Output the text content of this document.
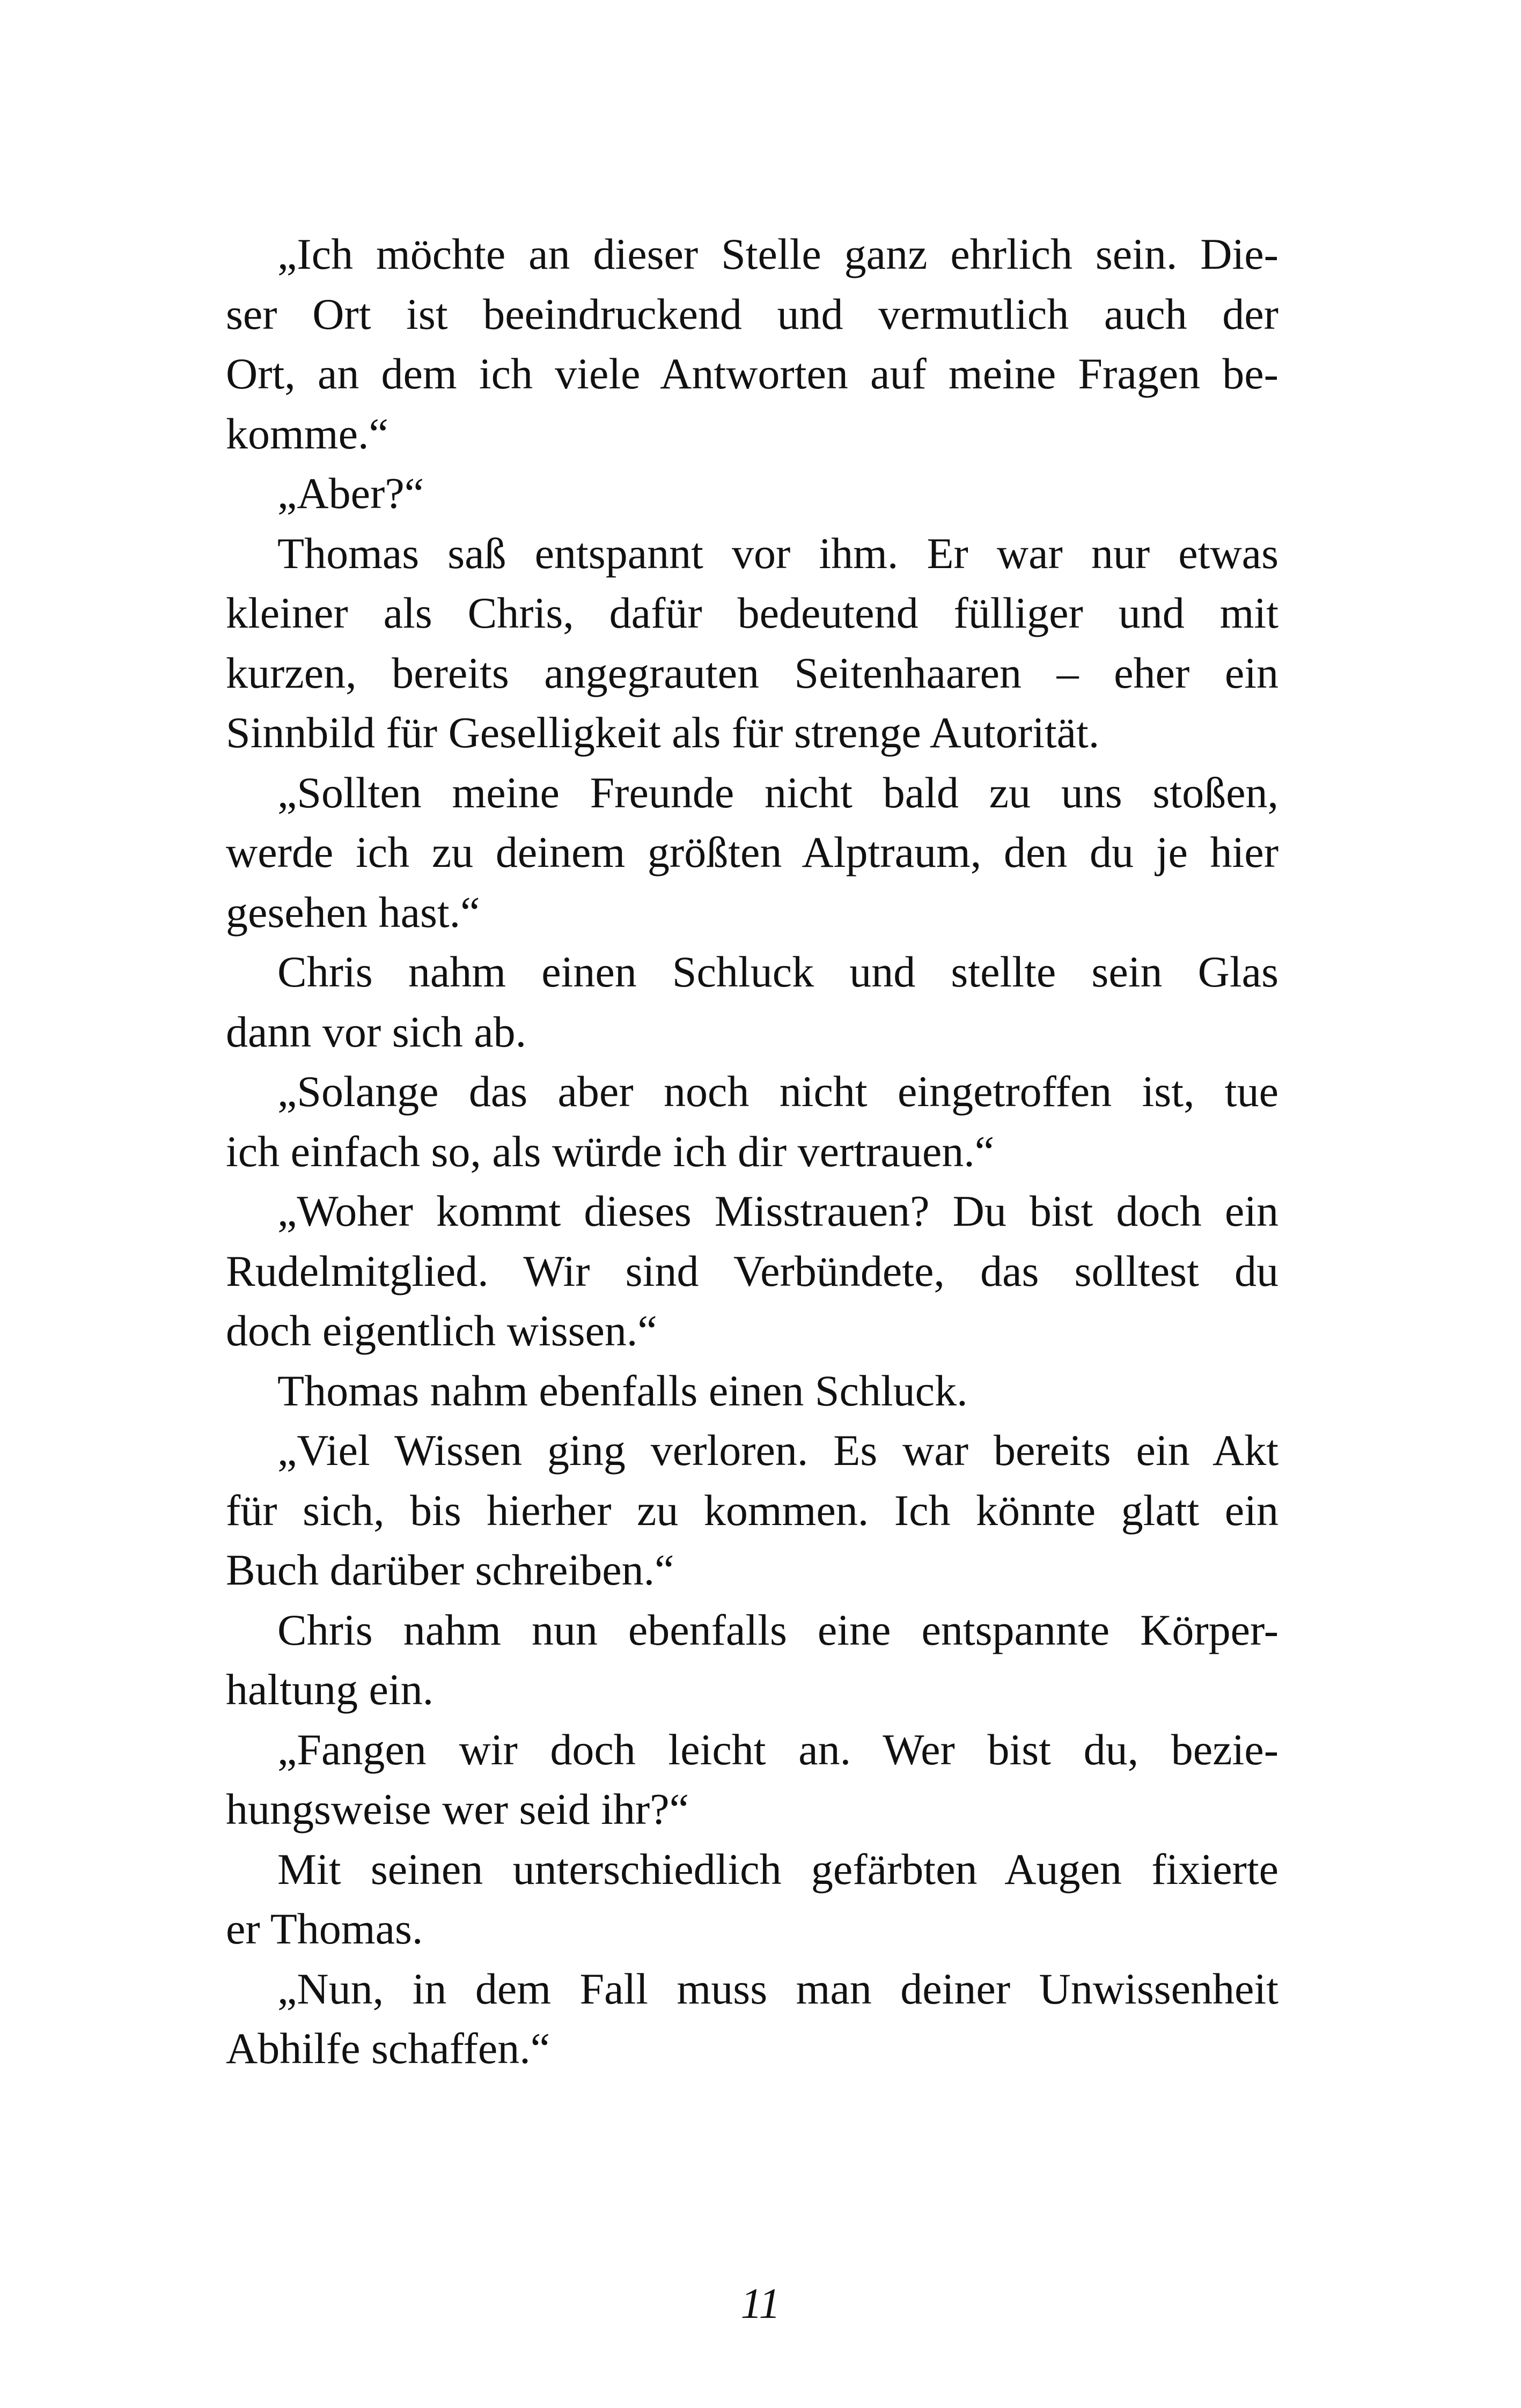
„Ich möchte an dieser Stelle ganz ehrlich sein. Die-
ser Ort ist beeindruckend und vermutlich auch der
Ort, an dem ich viele Antworten auf meine Fragen be-
komme.“
„Aber?“
Thomas saß entspannt vor ihm. Er war nur etwas
kleiner als Chris, dafür bedeutend fülliger und mit
kurzen, bereits angegrauten Seitenhaaren – eher ein
Sinnbild für Geselligkeit als für strenge Autorität.
„Sollten meine Freunde nicht bald zu uns stoßen,
werde ich zu deinem größten Alptraum, den du je hier
gesehen hast.“
Chris nahm einen Schluck und stellte sein Glas
dann vor sich ab.
„Solange das aber noch nicht eingetroffen ist, tue
ich einfach so, als würde ich dir vertrauen.“
„Woher kommt dieses Misstrauen? Du bist doch ein
Rudelmitglied. Wir sind Verbündete, das solltest du
doch eigentlich wissen.“
Thomas nahm ebenfalls einen Schluck.
„Viel Wissen ging verloren. Es war bereits ein Akt
für sich, bis hierher zu kommen. Ich könnte glatt ein
Buch darüber schreiben.“
Chris nahm nun ebenfalls eine entspannte Körper-
haltung ein.
„Fangen wir doch leicht an. Wer bist du, bezie-
hungsweise wer seid ihr?“
Mit seinen unterschiedlich gefärbten Augen fixierte
er Thomas.
„Nun, in dem Fall muss man deiner Unwissenheit
Abhilfe schaffen.“
11
